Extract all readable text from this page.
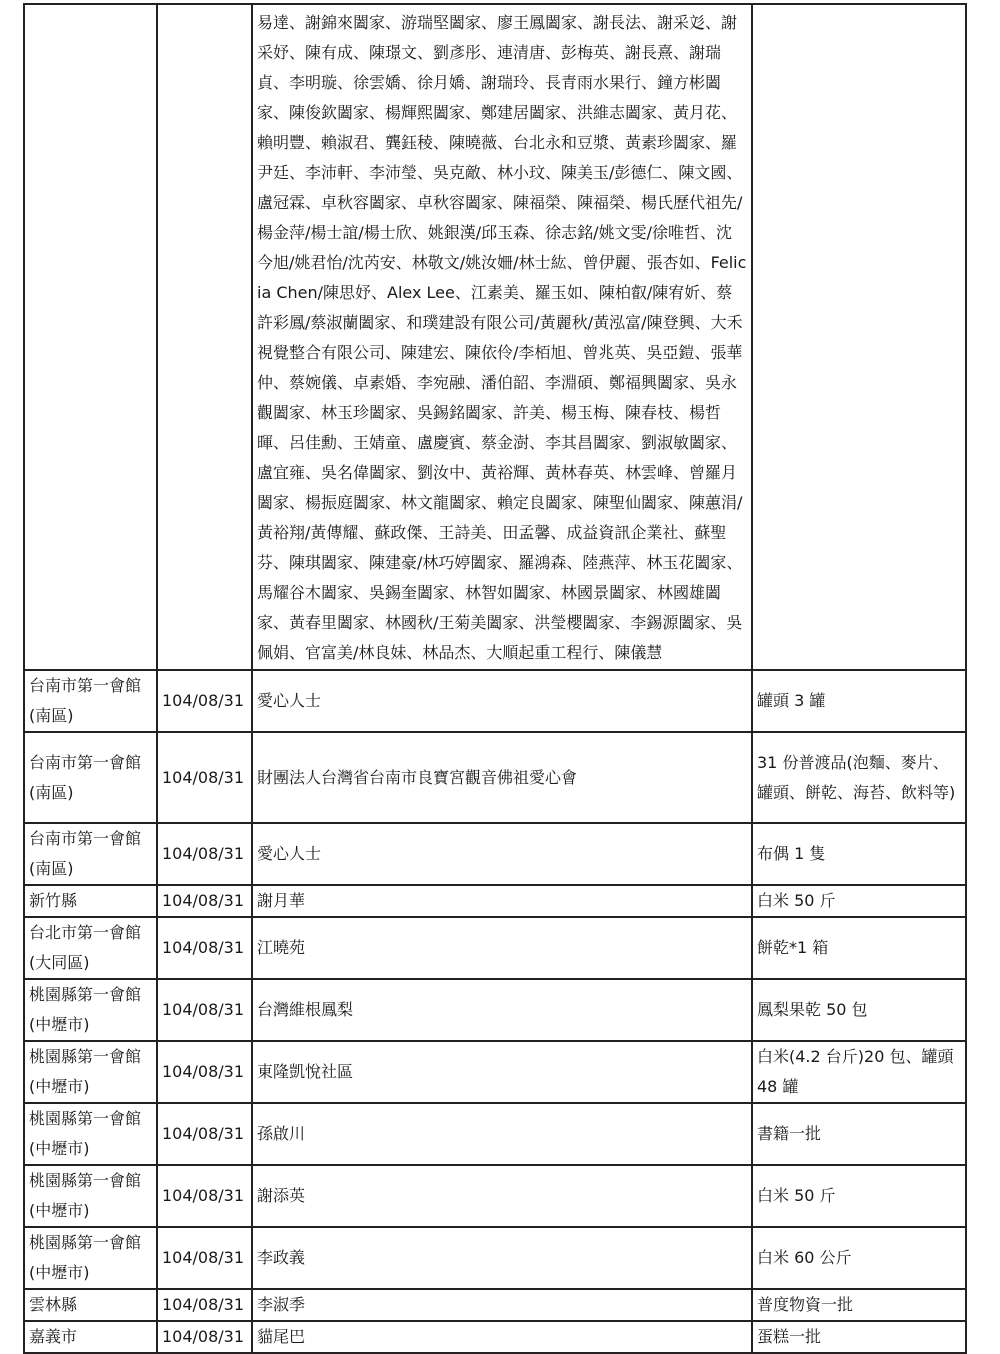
		易達、謝錦來闔家、游瑞堅闔家、廖王鳳闔家、謝長法、謝采彣、謝采妤、陳有成、陳璟文、劉彥彤、連清唐、彭梅英、謝長熹、謝瑞貞、李明璇、徐雲嬌、徐月嬌、謝瑞玲、長青雨水果行、鐘方彬闔家、陳俊欽闔家、楊輝熙闔家、鄭建居闔家、洪維志闔家、黃月花、賴明豐、賴淑君、龔鈺稜、陳曉薇、台北永和豆漿、黃素珍闔家、羅尹廷、李沛軒、李沛瑩、吳克敵、林小玟、陳美玉/彭德仁、陳文國、盧冠霖、卓秋容闔家、卓秋容闔家、陳福榮、陳福榮、楊氏歷代祖先/楊金萍/楊士誼/楊士欣、姚銀漢/邱玉森、徐志銘/姚文雯/徐唯哲、沈今旭/姚君怡/沈芮安、林敬文/姚汝姍/林士紘、曾伊麗、張杏如、Felicia Chen/陳思妤、Alex Lee、江素美、羅玉如、陳柏叡/陳宥妡、蔡許彩鳳/蔡淑蘭闔家、和璞建設有限公司/黃麗秋/黃泓富/陳登興、大禾視覺整合有限公司、陳建宏、陳依伶/李栢旭、曾兆英、吳亞鎧、張華仲、蔡婉儀、卓素婚、李宛融、潘伯韶、李淵碩、鄭福興闔家、吳永觀闔家、林玉珍闔家、吳錫銘闔家、許美、楊玉梅、陳春枝、楊哲暉、呂佳勳、王婧童、盧慶賓、蔡金澍、李其昌闔家、劉淑敏闔家、盧宜雍、吳名偉闔家、劉汝中、黃裕輝、黃林春英、林雲峰、曾羅月闔家、楊振庭闔家、林文龍闔家、賴定良闔家、陳聖仙闔家、陳蕙涓/黃裕翔/黃傳耀、蘇政傑、王詩美、田孟馨、成益資訊企業社、蘇聖芬、陳琪闔家、陳建豪/林巧婷闔家、羅鴻森、陸燕萍、林玉花闔家、馬耀谷木闔家、吳錫奎闔家、林智如闔家、林國景闔家、林國雄闔家、黃春里闔家、林國秋/王菊美闔家、洪瑩櫻闔家、李錫源闔家、吳佩娟、官富美/林良妹、林品杰、大順起重工程行、陳儀慧	
台南市第一會館(南區)	104/08/31	愛心人士	罐頭 3 罐
台南市第一會館(南區)	104/08/31	財團法人台灣省台南市良寶宮觀音佛祖愛心會	31 份普渡品(泡麵、麥片、罐頭、餅乾、海苔、飲料等)
台南市第一會館(南區)	104/08/31	愛心人士	布偶 1 隻
新竹縣	104/08/31	謝月華	白米 50 斤
台北市第一會館(大同區)	104/08/31	江曉苑	餅乾*1 箱
桃園縣第一會館(中壢市)	104/08/31	台灣維根鳳梨	鳳梨果乾 50 包
桃園縣第一會館(中壢市)	104/08/31	東隆凱悅社區	白米(4.2 台斤)20 包、罐頭 48 罐
桃園縣第一會館(中壢市)	104/08/31	孫啟川	書籍一批
桃園縣第一會館(中壢市)	104/08/31	謝添英	白米 50 斤
桃園縣第一會館(中壢市)	104/08/31	李政義	白米 60 公斤
雲林縣	104/08/31	李淑季	普度物資一批
嘉義市	104/08/31	貓尾巴	蛋糕一批
